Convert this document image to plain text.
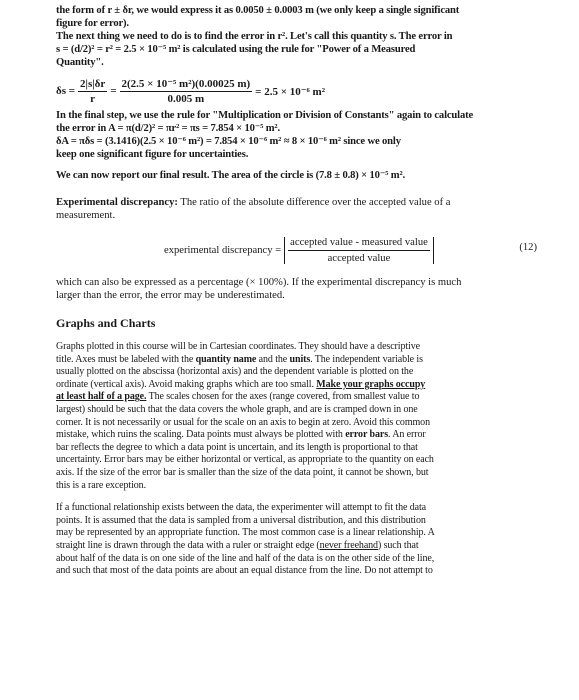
the form of r ± δr, we would express it as 0.0050 ± 0.0003 m (we only keep a single significant

figure for error).

The next thing we need to do is to find the error in r². Let's call this quantity s. The error in

s = (d/2)² = r² = 2.5 × 10⁻⁵ m² is calculated using the rule for "Power of a Measured

Quantity".

$\delta s = \frac{2|s|\delta r}{r} = \frac{\text{2(2.5 × 10⁻⁵ m²)(0.00025 m)}}{0.005 m} = 2.5 \times 10^{-6}$ m²

In the final step, we use the rule for "Multiplication or Division of Constants" again to calculate

the error in A = π(d/2)² = πr² = πs = 7.854 × 10⁻⁵ m².

δA = πδs = (3.1416)(2.5 × 10⁻⁶ m²) = 7.854 × 10⁻⁶ m² ≈ 8 × 10⁻⁶ m² since we only

keep one significant figure for uncertainties.

We can now report our final result. The area of the circle is (7.8 ± 0.8) × 10⁻⁵ m².

Experimental discrepancy: The ratio of the absolute difference over the accepted value of a

measurement.

experimental discrepancy = $\frac{\text{accepted value - measured value}}{\text{accepted value}}$	(12)

which can also be expressed as a percentage (× 100%). If the experimental discrepancy is much

larger than the error, the error may be underestimated.

Graphs and Charts

Graphs plotted in this course will be in Cartesian coordinates. They should have a descriptive

title. Axes must be labeled with the quantity name and the units. The independent variable is

usually plotted on the abscissa (horizontal axis) and the dependent variable is plotted on the

ordinate (vertical axis). Avoid making graphs which are too small. Make your graphs occupy

at least half of a page. The scales chosen for the axes (range covered, from smallest value to

largest) should be such that the data covers the whole graph, and are is cramped down in one

corner. It is not necessarily or usual for the scale on an axis to begin at zero. Avoid this common

mistake, which ruins the scaling. Data points must always be plotted with error bars. An error

bar reflects the degree to which a data point is uncertain, and its length is proportional to that

uncertainty. Error bars may be either horizontal or vertical, as appropriate to the quantity on each

axis. If the size of the error bar is smaller than the size of the data point, it cannot be shown, but

this is a rare exception.

If a functional relationship exists between the data, the experimenter will attempt to fit the data

points. It is assumed that the data is sampled from a universal distribution, and this distribution

may be represented by an appropriate function. The most common case is a linear relationship. A

straight line is drawn through the data with a ruler or straight edge (never freehand) such that

about half of the data is on one side of the line and half of the data is on the other side of the line,

and such that most of the data points are about an equal distance from the line. Do not attempt to
